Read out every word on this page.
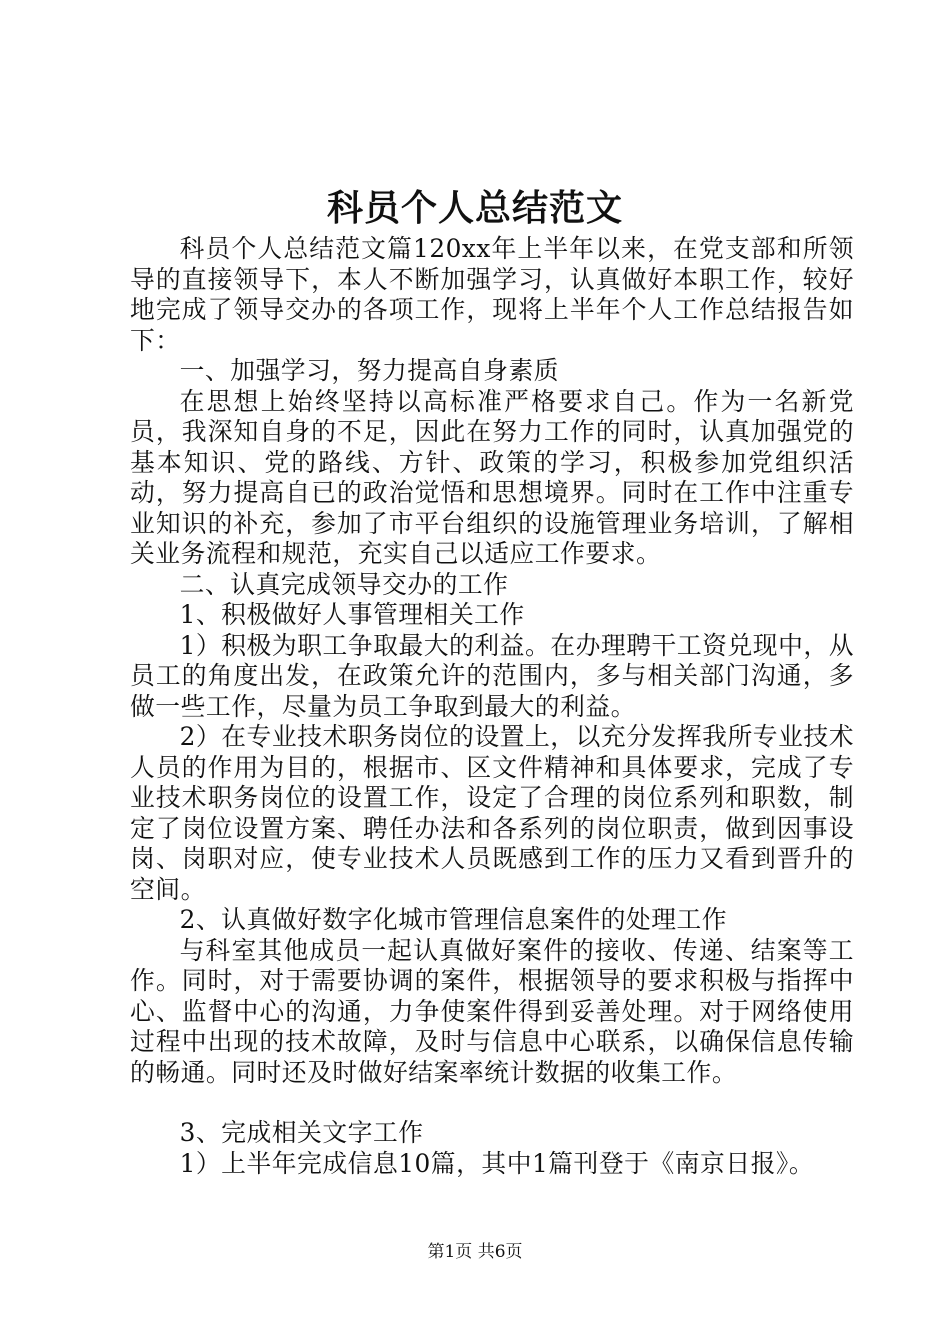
科员个人总结范文

科员个人总结范文篇120xx年上半年以来，在党支部和所领导的直接领导下，本人不断加强学习，认真做好本职工作，较好地完成了领导交办的各项工作，现将上半年个人工作总结报告如下：

一、加强学习，努力提高自身素质

在思想上始终坚持以高标准严格要求自己。作为一名新党员，我深知自身的不足，因此在努力工作的同时，认真加强党的基本知识、党的路线、方针、政策的学习，积极参加党组织活动，努力提高自已的政治觉悟和思想境界。同时在工作中注重专业知识的补充，参加了市平台组织的设施管理业务培训，了解相关业务流程和规范，充实自己以适应工作要求。

二、认真完成领导交办的工作

1、积极做好人事管理相关工作

1）积极为职工争取最大的利益。在办理聘干工资兑现中，从员工的角度出发，在政策允许的范围内，多与相关部门沟通，多做一些工作，尽量为员工争取到最大的利益。

2）在专业技术职务岗位的设置上，以充分发挥我所专业技术人员的作用为目的，根据市、区文件精神和具体要求，完成了专业技术职务岗位的设置工作，设定了合理的岗位系列和职数，制定了岗位设置方案、聘任办法和各系列的岗位职责，做到因事设岗、岗职对应，使专业技术人员既感到工作的压力又看到晋升的空间。

2、认真做好数字化城市管理信息案件的处理工作

与科室其他成员一起认真做好案件的接收、传递、结案等工作。同时，对于需要协调的案件，根据领导的要求积极与指挥中心、监督中心的沟通，力争使案件得到妥善处理。对于网络使用过程中出现的技术故障，及时与信息中心联系，以确保信息传输的畅通。同时还及时做好结案率统计数据的收集工作。

3、完成相关文字工作

1）上半年完成信息10篇，其中1篇刊登于《南京日报》。

第1页 共6页
